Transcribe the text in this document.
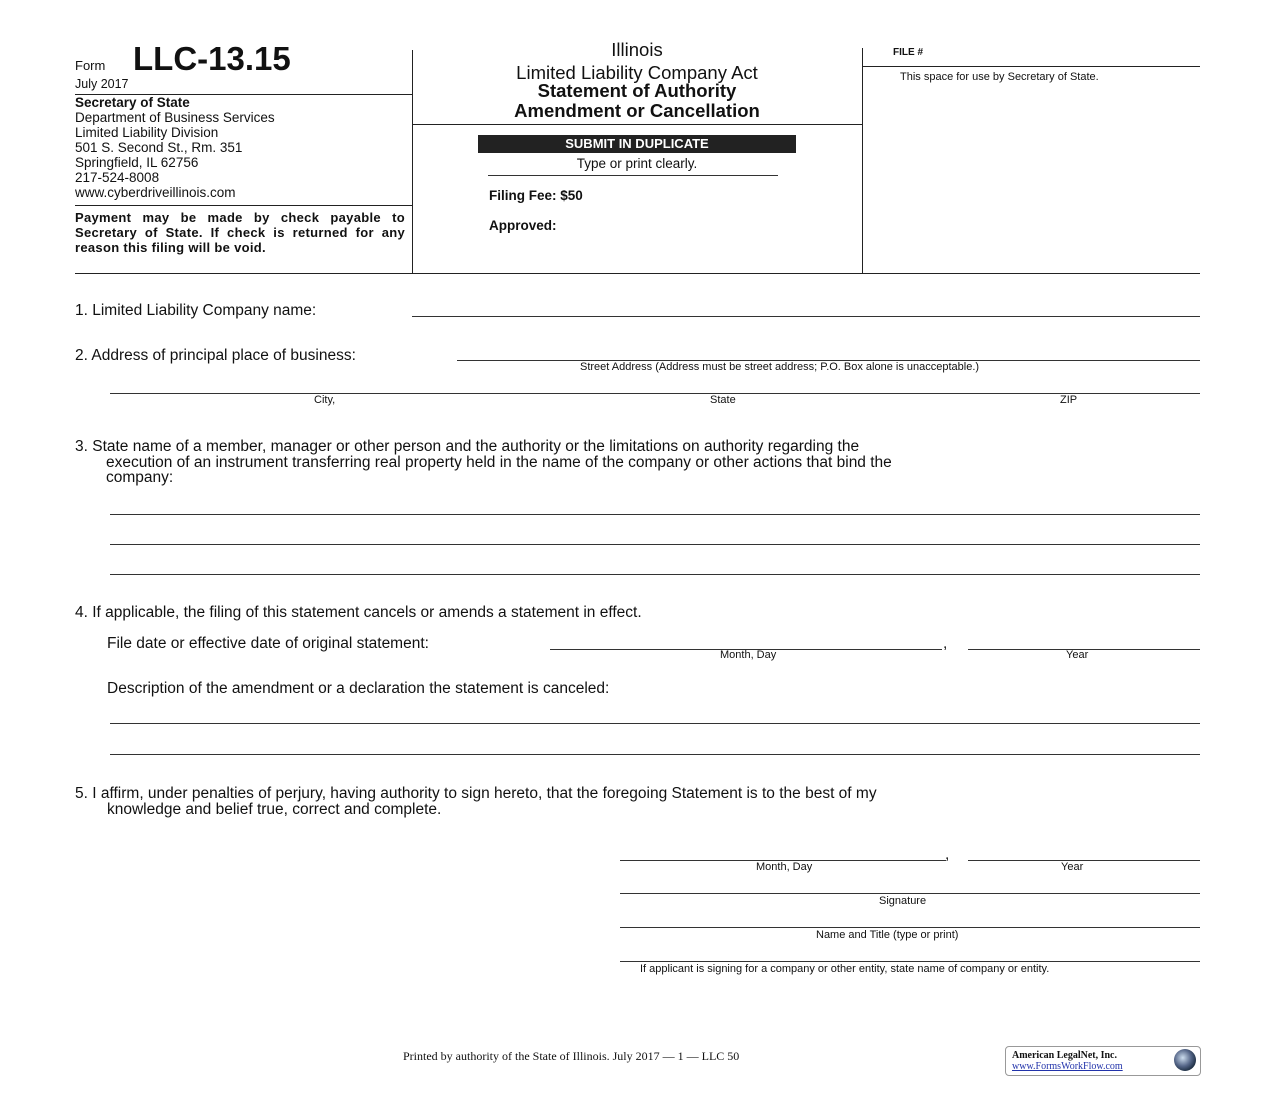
Form LLC-13.15
July 2017
Secretary of State
Department of Business Services
Limited Liability Division
501 S. Second St., Rm. 351
Springfield, IL 62756
217-524-8008
www.cyberdriveillinois.com
Payment may be made by check payable to Secretary of State. If check is returned for any reason this filing will be void.
Illinois
Limited Liability Company Act
Statement of Authority
Amendment or Cancellation
SUBMIT IN DUPLICATE
Type or print clearly.
Filing Fee: $50
Approved:
FILE #
This space for use by Secretary of State.
1. Limited Liability Company name:
2. Address of principal place of business:
Street Address (Address must be street address; P.O. Box alone is unacceptable.)
City,	State	ZIP
3. State name of a member, manager or other person and the authority or the limitations on authority regarding the
execution of an instrument transferring real property held in the name of the company or other actions that bind the
company:
4. If applicable, the filing of this statement cancels or amends a statement in effect.
File date or effective date of original statement:	,
Month, Day	Year
Description of the amendment or a declaration the statement is canceled:
5. I affirm, under penalties of perjury, having authority to sign hereto, that the foregoing Statement is to the best of my
knowledge and belief true, correct and complete.
,
Month, Day	Year
Signature
Name and Title (type or print)
If applicant is signing for a company or other entity, state name of company or entity.
Printed by authority of the State of Illinois. July 2017 — 1 — LLC 50	American LegalNet, Inc.
www.FormsWorkFlow.com
